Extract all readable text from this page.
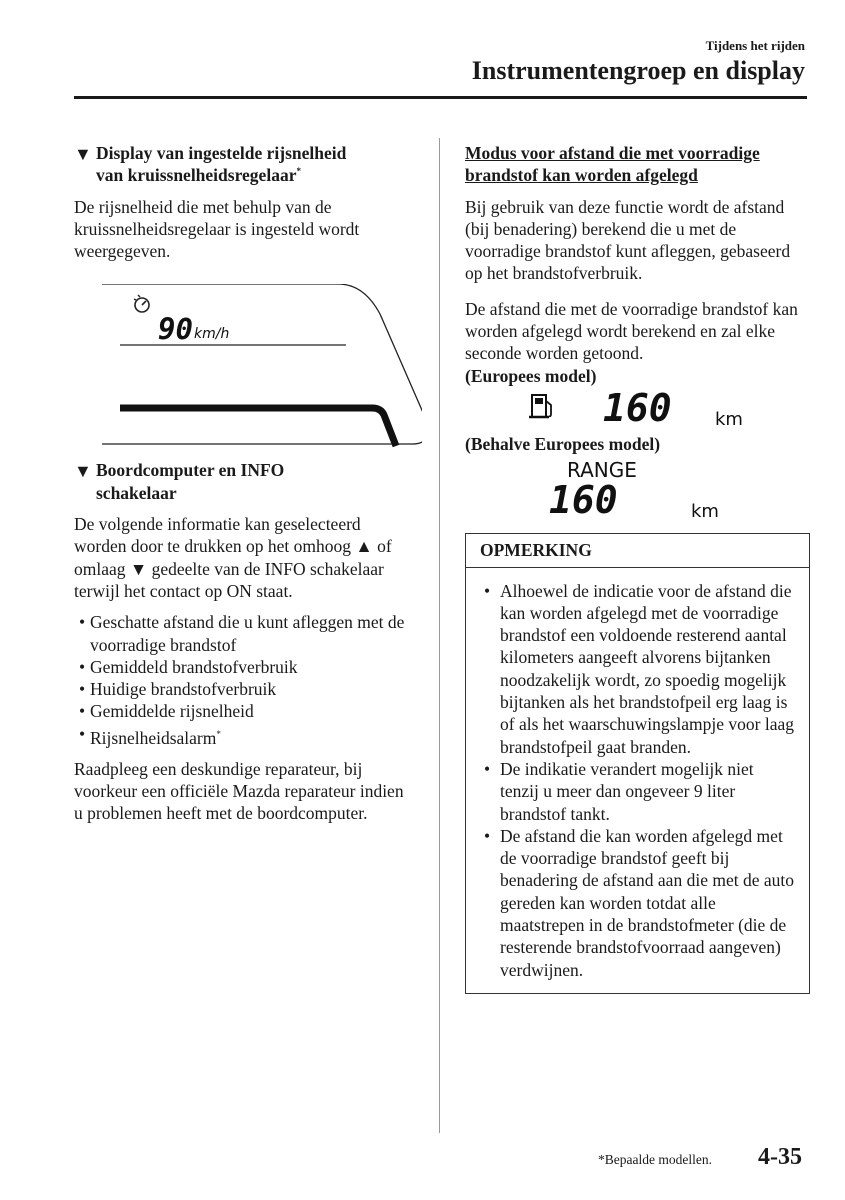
Tijdens het rijden
Instrumentengroep en display
▼ Display van ingestelde rijsnelheid
van kruissnelheidsregelaar*

De rijsnelheid die met behulp van de kruissnelheidsregelaar is ingesteld wordt weergegeven.

90 km/h
▼ Boordcomputer en INFO
schakelaar

De volgende informatie kan geselecteerd worden door te drukken op het omhoog ▲ of omlaag ▼ gedeelte van de INFO schakelaar terwijl het contact op ON staat.

• Geschatte afstand die u kunt afleggen met de voorradige brandstof
• Gemiddeld brandstofverbruik
• Huidige brandstofverbruik
• Gemiddelde rijsnelheid
• Rijsnelheidsalarm*

Raadpleeg een deskundige reparateur, bij voorkeur een officiële Mazda reparateur indien u problemen heeft met de boordcomputer.

Modus voor afstand die met voorradige
brandstof kan worden afgelegd

Bij gebruik van deze functie wordt de afstand (bij benadering) berekend die u met de voorradige brandstof kunt afleggen, gebaseerd op het brandstofverbruik.

De afstand die met de voorradige brandstof kan worden afgelegd wordt berekend en zal elke seconde worden getoond.

(Europees model)
160 km
(Behalve Europees model)
RANGE
160	km
OPMERKING
• Alhoewel de indicatie voor de afstand die kan worden afgelegd met de voorradige brandstof een voldoende resterend aantal kilometers aangeeft alvorens bijtanken noodzakelijk wordt, zo spoedig mogelijk bijtanken als het brandstofpeil erg laag is of als het waarschuwingslampje voor laag brandstofpeil gaat branden.
• De indikatie verandert mogelijk niet tenzij u meer dan ongeveer 9 liter brandstof tankt.
• De afstand die kan worden afgelegd met de voorradige brandstof geeft bij benadering de afstand aan die met de auto gereden kan worden totdat alle maatstrepen in de brandstofmeter (die de resterende brandstofvoorraad aangeven) verdwijnen.
*Bepaalde modellen. 4-35
